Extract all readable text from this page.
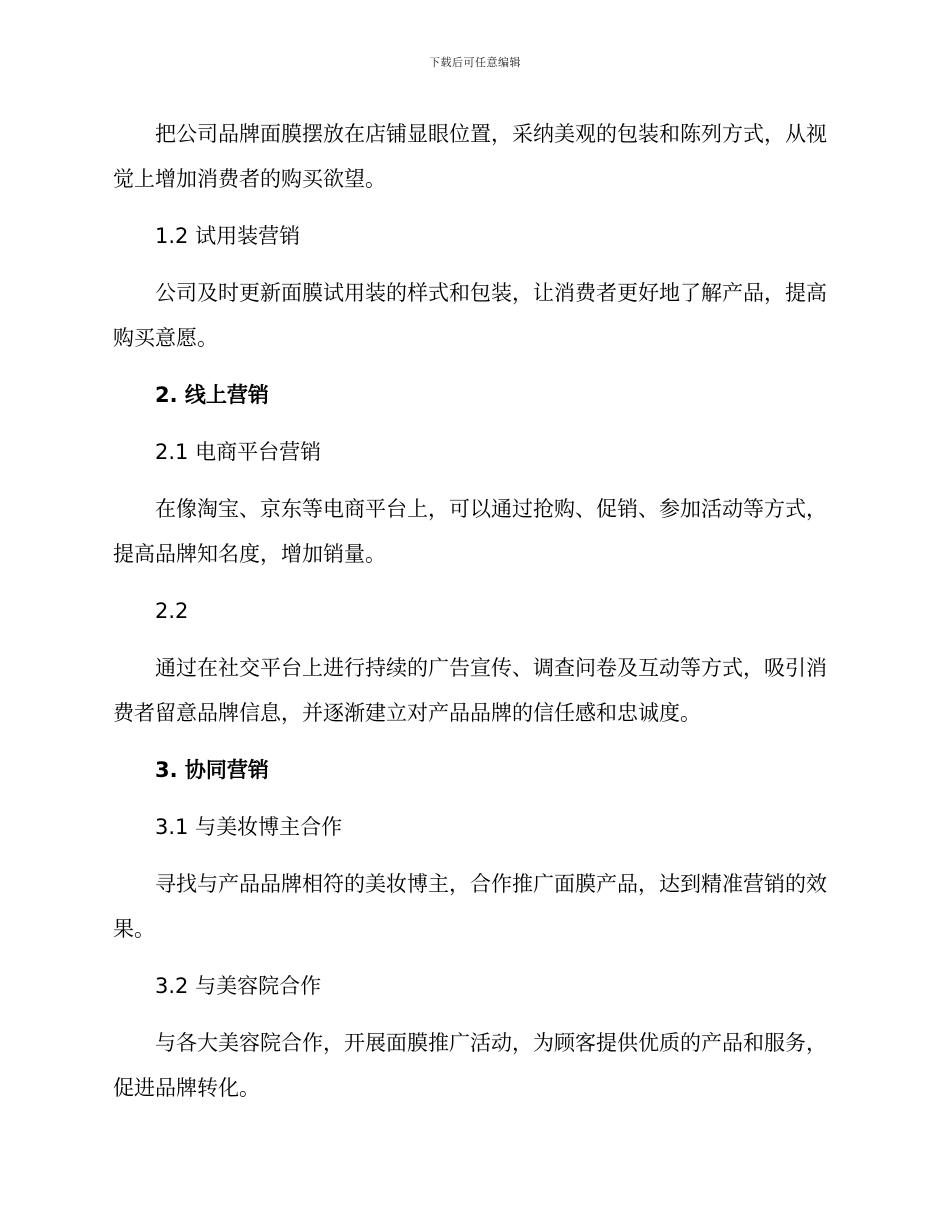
下载后可任意编辑

把公司品牌面膜摆放在店铺显眼位置，采纳美观的包装和陈列方式，从视觉上增加消费者的购买欲望。

1.2 试用装营销

公司及时更新面膜试用装的样式和包装，让消费者更好地了解产品，提高购买意愿。

2. 线上营销

2.1 电商平台营销

在像淘宝、京东等电商平台上，可以通过抢购、促销、参加活动等方式，提高品牌知名度，增加销量。

2.2

通过在社交平台上进行持续的广告宣传、调查问卷及互动等方式，吸引消费者留意品牌信息，并逐渐建立对产品品牌的信任感和忠诚度。

3. 协同营销

3.1 与美妆博主合作

寻找与产品品牌相符的美妆博主，合作推广面膜产品，达到精准营销的效果。

3.2 与美容院合作

与各大美容院合作，开展面膜推广活动，为顾客提供优质的产品和服务，促进品牌转化。
